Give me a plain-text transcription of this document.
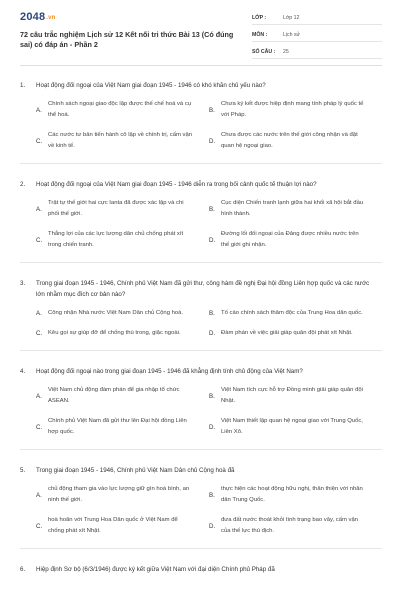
2048.vn
72 câu trắc nghiệm Lịch sử 12 Kết nối tri thức Bài 13 (Có đúng sai) có đáp án - Phần 2
LỚP :	Lớp 12
MÔN :	Lịch sử
SỐ CÂU :	25
1.	Hoạt động đối ngoại của Việt Nam giai đoạn 1945 - 1946 có khó khăn chủ yếu nào?
A.
Chính sách ngoại giao độc lập được thế chế hoá và cụ thể hoá.
B.
Chưa ký kết được hiệp định mang tính pháp lý quốc tế với Pháp.
C.
Các nước tư bản tiến hành cô lập về chính trị, cấm vận về kinh tế.
D.
Chưa được các nước trên thế giới công nhận và đặt quan hệ ngoại giao.
2.	Hoạt động đối ngoại của Việt Nam giai đoạn 1945 - 1946 diễn ra trong bối cảnh quốc tế thuận lợi nào?
A.
Trật tự thế giới hai cực Ianta đã được xác lập và chi phối thế giới.
B.
Cục diện Chiến tranh lạnh giữa hai khối xã hội bắt đầu hình thành.
C.
Thắng lợi của các lực lượng dân chủ chống phát xít trong chiến tranh.
D.
Đường lối đối ngoại của Đảng được nhiều nước trên thế giới ghi nhận.
3.	Trong giai đoạn 1945 - 1946, Chính phủ Việt Nam đã gửi thư, công hàm đề nghị Đại hội đồng Liên hợp quốc và các nước lớn nhằm mục đích cơ bản nào?
A.	Công nhận Nhà nước Việt Nam Dân chủ Cộng hoà.	B.	Tố cáo chính sách thâm độc của Trung Hoa dân quốc.
C. Kêu gọi sự giúp đỡ để chống thù trong, giặc ngoài.	D. Đàm phán về việc giải giáp quân đội phát xít Nhật.
4.	Hoạt động đối ngoại nào trong giai đoạn 1945 - 1946 đã khẳng định tính chủ động của Việt Nam?
A.
Việt Nam chủ động đàm phán để gia nhập tổ chức ASEAN.
B.
Việt Nam tích cực hỗ trợ Đồng minh giải giáp quân đội Nhật.
C.
Chính phủ Việt Nam đã gửi thư lên Đại hội đồng Liên hợp quốc.
D.
Việt Nam thiết lập quan hệ ngoại giao với Trung Quốc, Liên Xô.
5.	Trong giai đoạn 1945 - 1946, Chính phủ Việt Nam Dân chủ Cộng hoà đã
A.
chủ động tham gia vào lực lượng giữ gìn hoà bình, an ninh thế giới.
B.
thực hiện các hoạt động hữu nghị, thân thiện với nhân dân Trung Quốc.
C.
hoà hoãn với Trung Hoa Dân quốc ở Việt Nam để chống phát xít Nhật.
D.
đưa đất nước thoát khỏi tình trạng bao vây, cấm vận của thế lực thù địch.
6.	Hiệp định Sơ bộ (6/3/1946) được ký kết giữa Việt Nam với đại diện Chính phủ Pháp đã
